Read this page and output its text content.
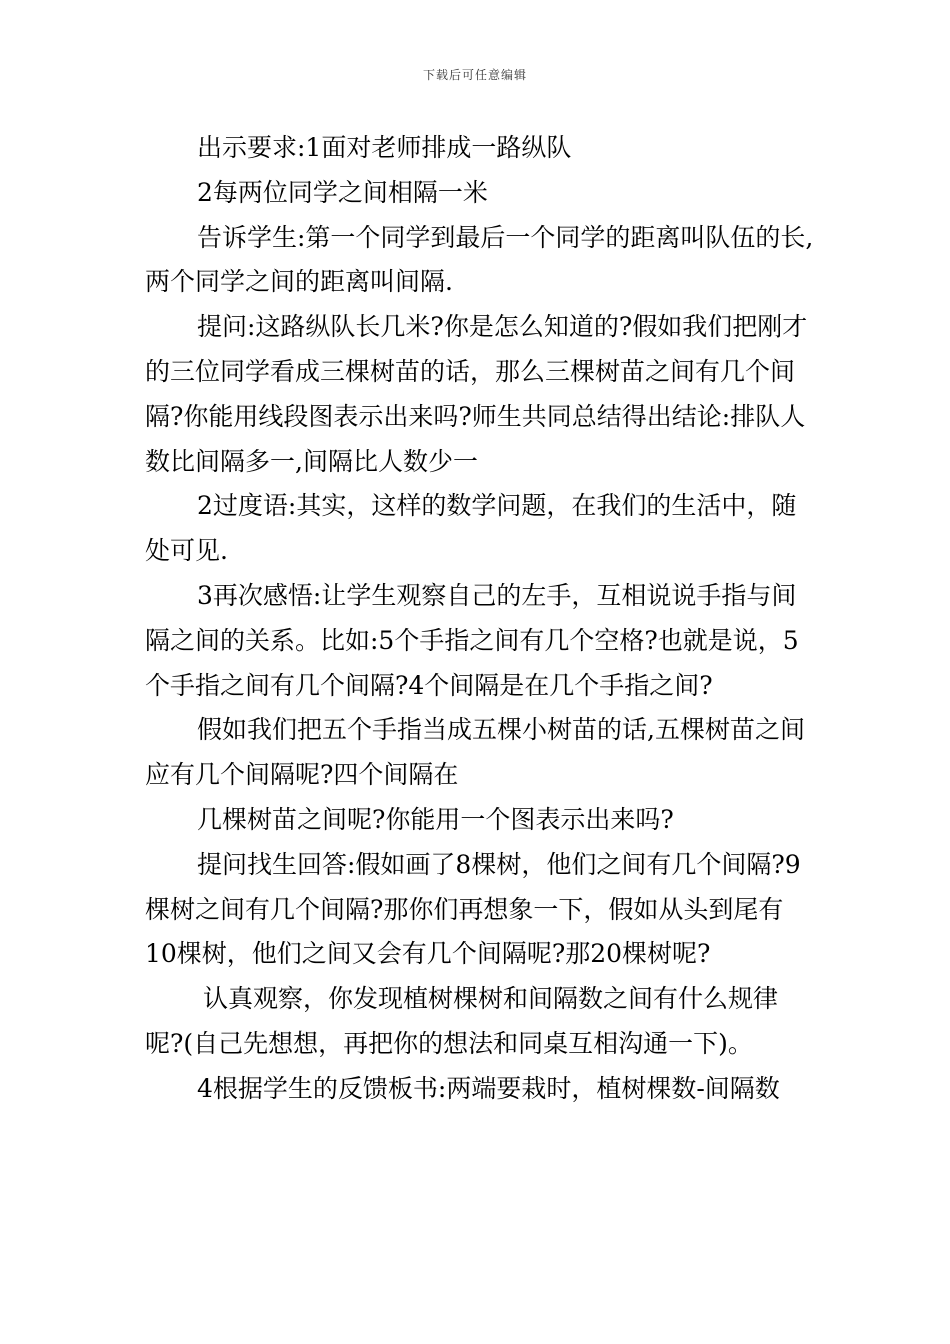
下载后可任意编辑

出示要求:1面对老师排成一路纵队

2每两位同学之间相隔一米

告诉学生:第一个同学到最后一个同学的距离叫队伍的长,两个同学之间的距离叫间隔.

提问:这路纵队长几米?你是怎么知道的?假如我们把刚才的三位同学看成三棵树苗的话，那么三棵树苗之间有几个间隔?你能用线段图表示出来吗?师生共同总结得出结论:排队人数比间隔多一,间隔比人数少一

2过度语:其实，这样的数学问题，在我们的生活中，随处可见.

3再次感悟:让学生观察自己的左手，互相说说手指与间隔之间的关系。比如:5个手指之间有几个空格?也就是说，5个手指之间有几个间隔?4个间隔是在几个手指之间?

假如我们把五个手指当成五棵小树苗的话,五棵树苗之间应有几个间隔呢?四个间隔在

几棵树苗之间呢?你能用一个图表示出来吗?

提问找生回答:假如画了8棵树，他们之间有几个间隔?9棵树之间有几个间隔?那你们再想象一下，假如从头到尾有10棵树，他们之间又会有几个间隔呢?那20棵树呢?

认真观察，你发现植树棵树和间隔数之间有什么规律呢?(自己先想想，再把你的想法和同桌互相沟通一下)。

4根据学生的反馈板书:两端要栽时，植树棵数-间隔数
